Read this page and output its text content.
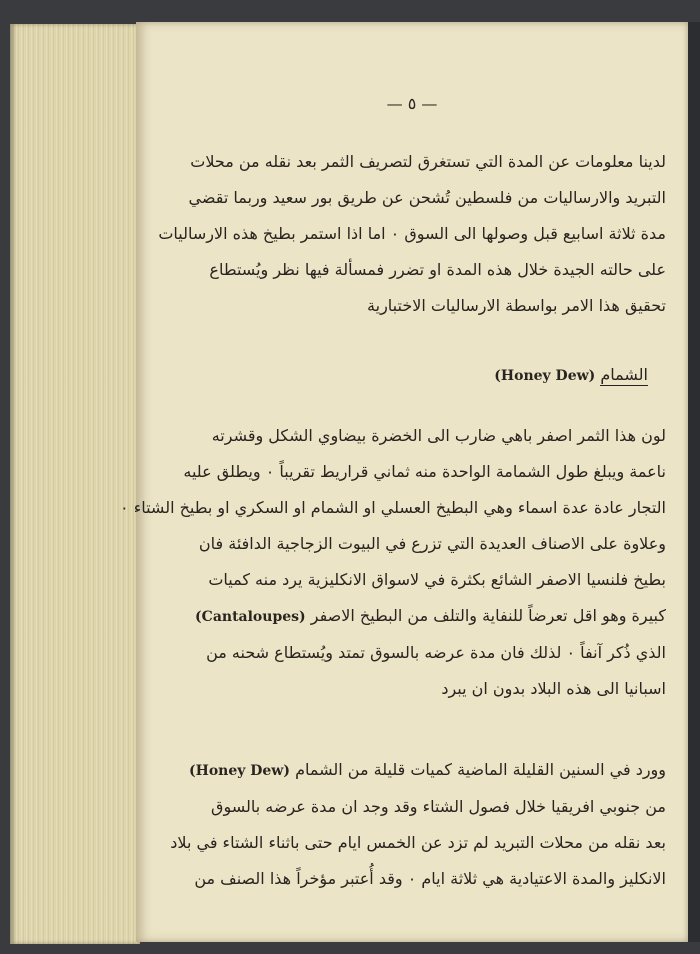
— ٥ —
لدينا معلومات عن المدة التي تستغرق لتصريف الثمر بعد نقله من محلات
التبريد والارساليات من فلسطين تُشحن عن طريق بور سعيد وربما تقضي
مدة ثلاثة اسابيع قبل وصولها الى السوق ٠ اما اذا استمر بطيخ هذه الارساليات
على حالته الجيدة خلال هذه المدة او تضرر فمسألة فيها نظر ويُستطاع
تحقيق هذا الامر بواسطة الارساليات الاختبارية
الشمام (Honey Dew)
لون هذا الثمر اصفر باهي ضارب الى الخضرة بيضاوي الشكل وقشرته
ناعمة ويبلغ طول الشمامة الواحدة منه ثماني قراريط تقريباً ٠ ويطلق عليه
التجار عادة عدة اسماء وهي البطيخ العسلي او الشمام او السكري او بطيخ الشتاء ٠
وعلاوة على الاصناف العديدة التي تزرع في البيوت الزجاجية الدافئة فان
بطيخ فلنسيا الاصفر الشائع بكثرة في لاسواق الانكليزية يرد منه كميات
كبيرة وهو اقل تعرضاً للنفاية والتلف من البطيخ الاصفر (Cantaloupes)
الذي ذُكر آنفاً ٠ لذلك فان مدة عرضه بالسوق تمتد ويُستطاع شحنه من
اسبانيا الى هذه البلاد بدون ان يبرد
وورد في السنين القليلة الماضية كميات قليلة من الشمام (Honey Dew)
من جنوبي افريقيا خلال فصول الشتاء وقد وجد ان مدة عرضه بالسوق
بعد نقله من محلات التبريد لم تزد عن الخمس ايام حتى باثناء الشتاء في بلاد
الانكليز والمدة الاعتيادية هي ثلاثة ايام ٠ وقد أُعتبر مؤخراً هذا الصنف من
